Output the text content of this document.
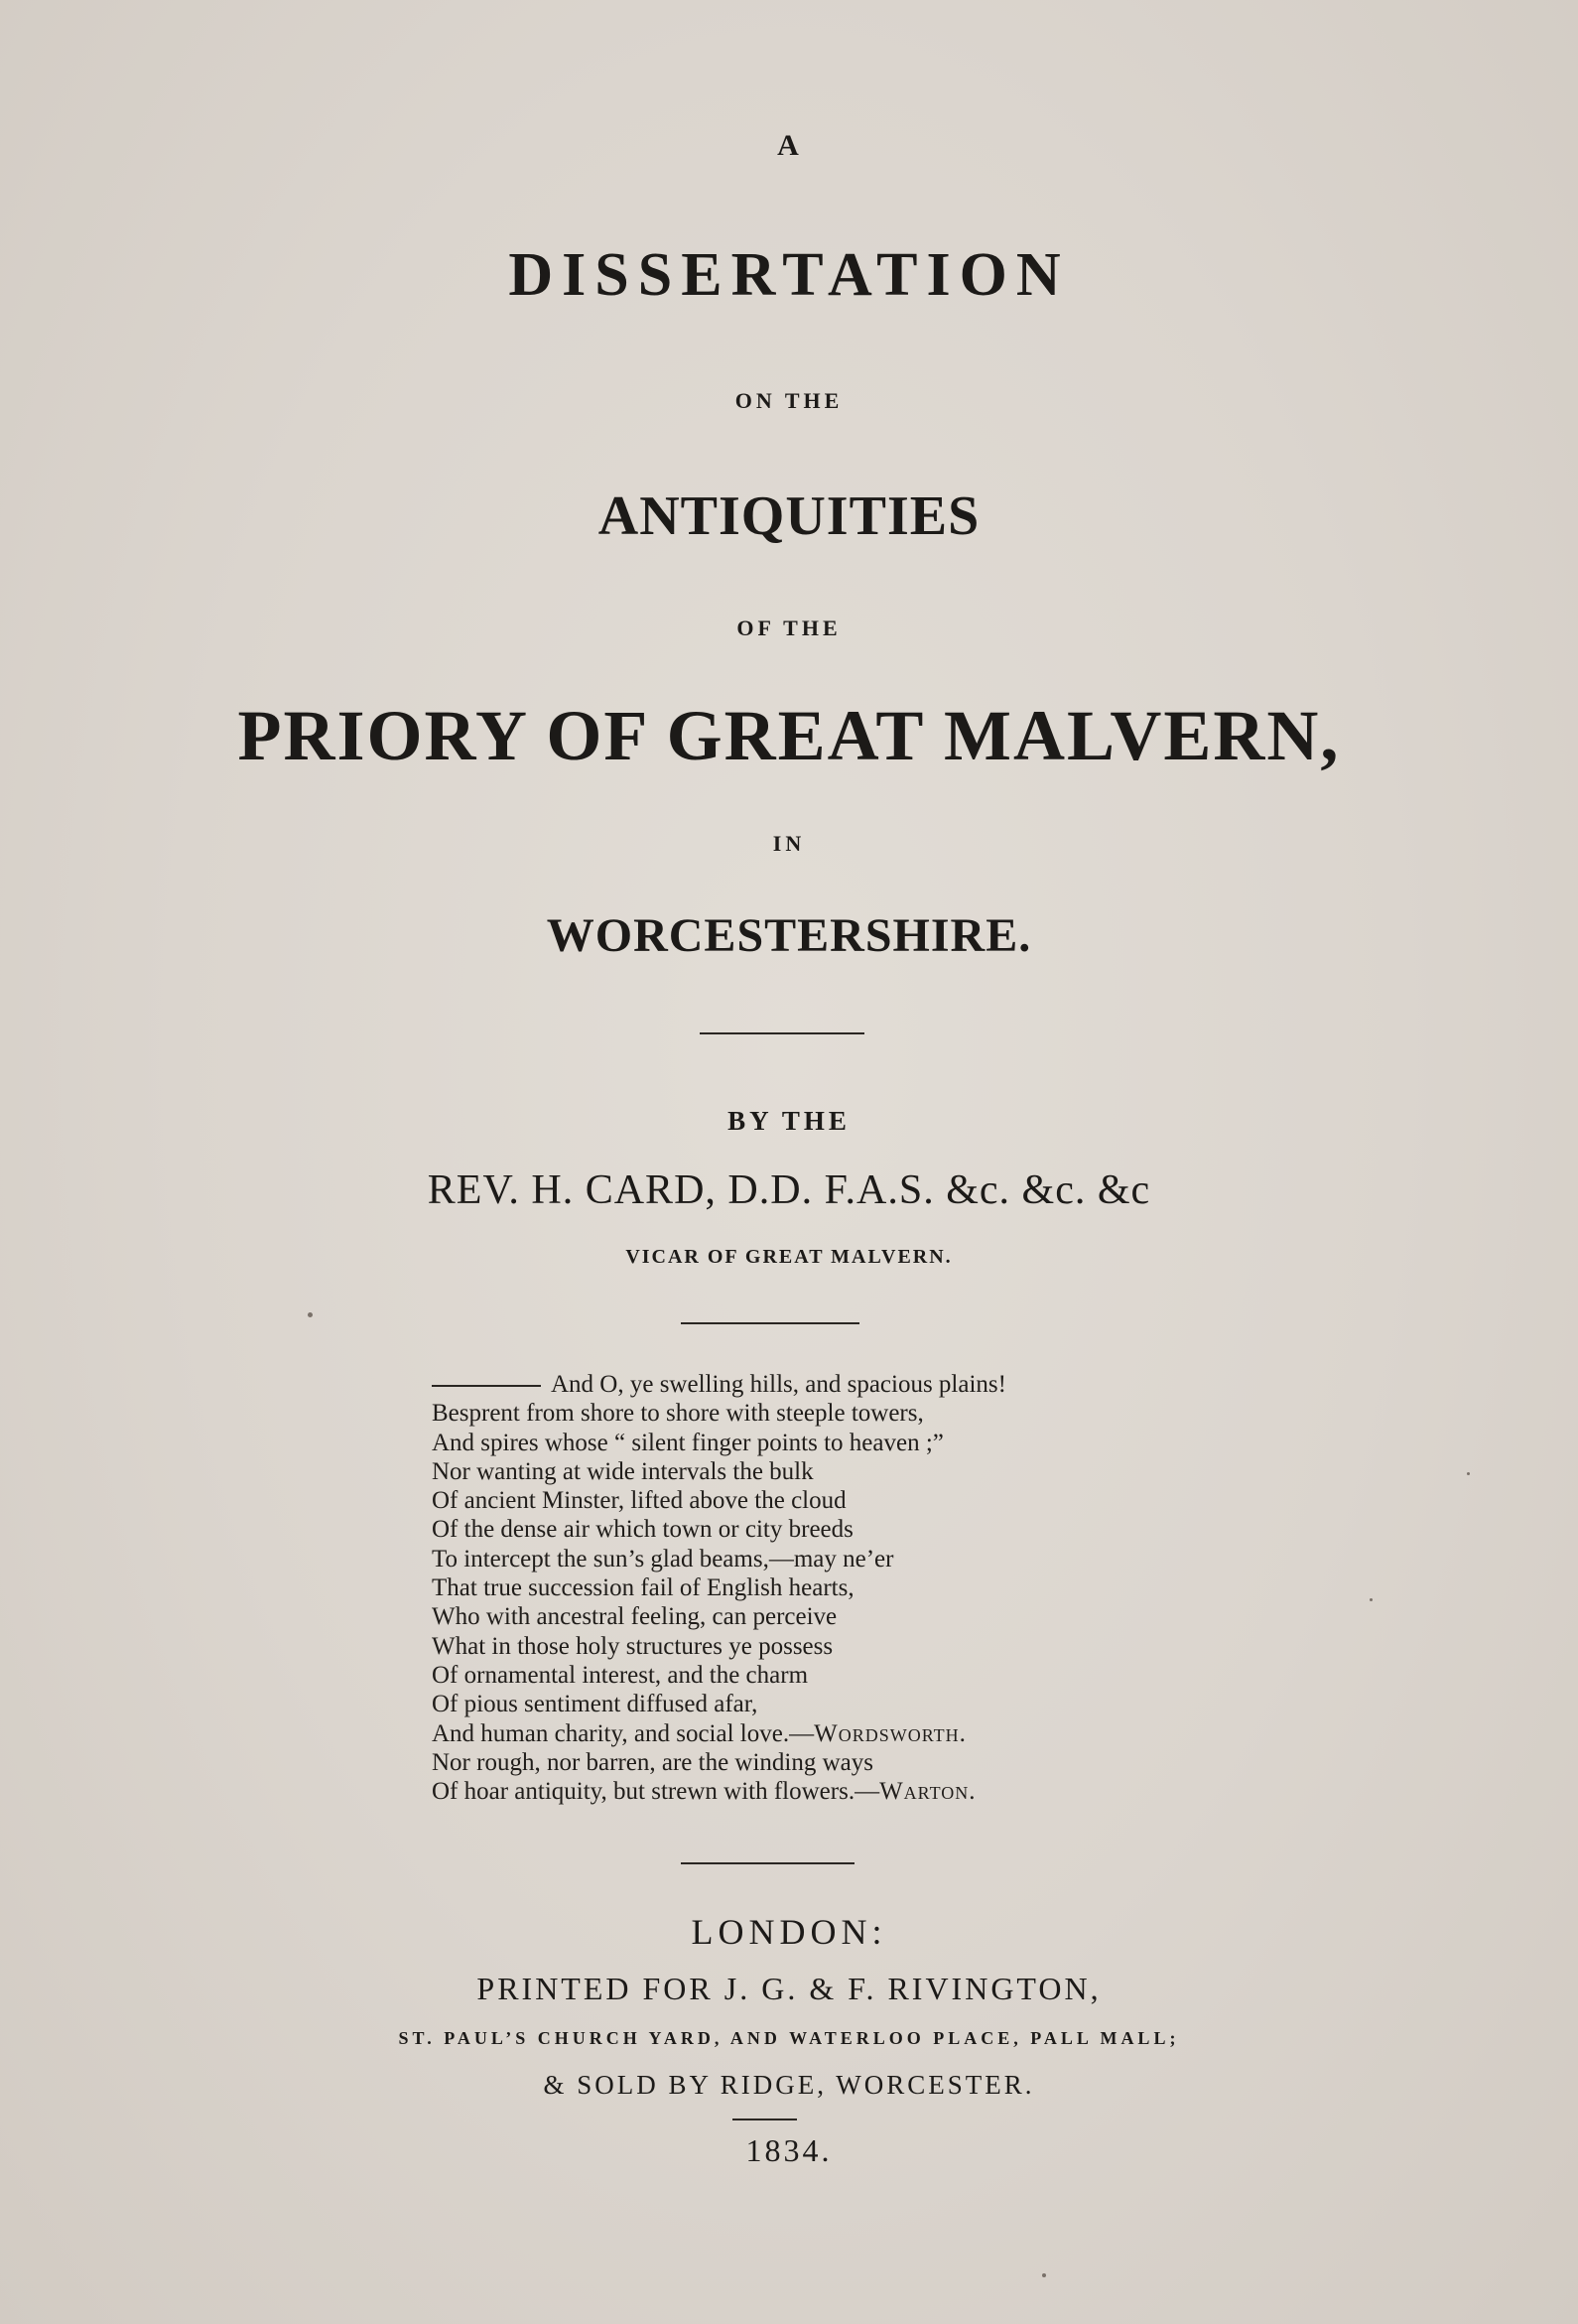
A

DISSERTATION

ON THE

ANTIQUITIES

OF THE

PRIORY OF GREAT MALVERN,

IN

WORCESTERSHIRE.

BY THE

REV. H. CARD, D.D. F.A.S. &c. &c. &c

VICAR OF GREAT MALVERN.

And O, ye swelling hills, and spacious plains!
Besprent from shore to shore with steeple towers,
And spires whose “ silent finger points to heaven ;”
Nor wanting at wide intervals the bulk
Of ancient Minster, lifted above the cloud
Of the dense air which town or city breeds
To intercept the sun’s glad beams,—may ne’er
That true succession fail of English hearts,
Who with ancestral feeling, can perceive
What in those holy structures ye possess
Of ornamental interest, and the charm
Of pious sentiment diffused afar,
And human charity, and social love.—Wordsworth.
Nor rough, nor barren, are the winding ways
Of hoar antiquity, but strewn with flowers.—Warton.

LONDON:

PRINTED FOR J. G. & F. RIVINGTON,

ST. PAUL’S CHURCH YARD, AND WATERLOO PLACE, PALL MALL;

& SOLD BY RIDGE, WORCESTER.

1834.
